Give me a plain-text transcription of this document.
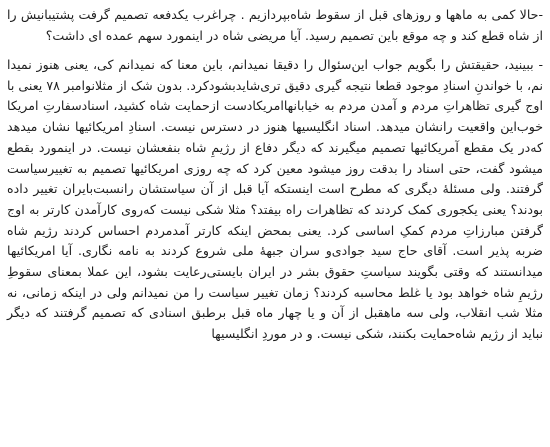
-حالا کمی به ماهها و روزهای قبل از سقوط شاه‌بپردازیم . چراغرب یکدفعه تصمیم گرفت پشتیبانیش را از شاه قطع کند و چه موقع باین تصمیم رسید. آیا مریضی شاه در اینمورد سهم عمده ای داشت؟

- ببینید، حقیقتش را بگویم جواب این‌سئوال را دقیقا نمیدانم، باین معنا که نمیدانم کی، یعنی هنوز نمیدا نم، با خواندنِ اسنادِ موجود قطعا نتیجه گیری دقیق تری‌شایدبشودکرد. بدون شک از مثلانوامبر ۷۸ یعنی با اوج گیری تظاهراتِ مردم و آمدن مردم به خیابانهاامریکادست ازحمایت شاه کشید، اسنادسفارتِ امریکا خوب‌این واقعیت رانشان میدهد. اسناد انگلیسیها هنوز در دسترس نیست. اسنادِ امریکائیها نشان میدهد که‌در یک مقطع آمریکائیها تصمیم میگیرند که دیگر دفاع از رژیمِ شاه بنفعشان نیست. در اینمورد بقطع میشود گفت، حتی اسناد را بدقت روز میشود معین کرد که چه روزی امریکائیها تصمیم به تغییرسیاست گرفتند. ولی مسئلهٔ دیگری که مطرح است اینستکه آیا قبل از آن سیاستشان رانسبت‌بایران تغییر داده بودند؟ یعنی یکجوری کمک کردند که تظاهرات راه بیفتد؟ مثلا شکی نیست که‌روی کارآمدن کارتر به اوج گرفتن مبارزاتِ مردم کمکِ اساسی کرد. یعنی بمحض اینکه کارتر آمدمردم احساس کردند رژیم شاه ضربه پذیر است. آقای حاج سید جوادی‌و سران جبههٔ ملی شروع کردند به نامه نگاری. آیا امریکائیها میدانستند که وقتی بگویند سیاستِ حقوق بشر در ایران بایستی‌رعایت بشود، این عملا بمعنای سقوطِ رژیمِ شاه خواهد بود یا غلط محاسبه کردند؟ زمان تغییر سیاست را من نمیدانم ولی در اینکه زمانی، نه مثلا شب انقلاب، ولی سه ماهقبل از آن و یا چهار ماه قبل برطبق اسنادی که تصمیم گرفتند که دیگر نباید از رژیم شاه‌حمایت بکنند، شکی نیست. و در موردِ انگلیسیها
